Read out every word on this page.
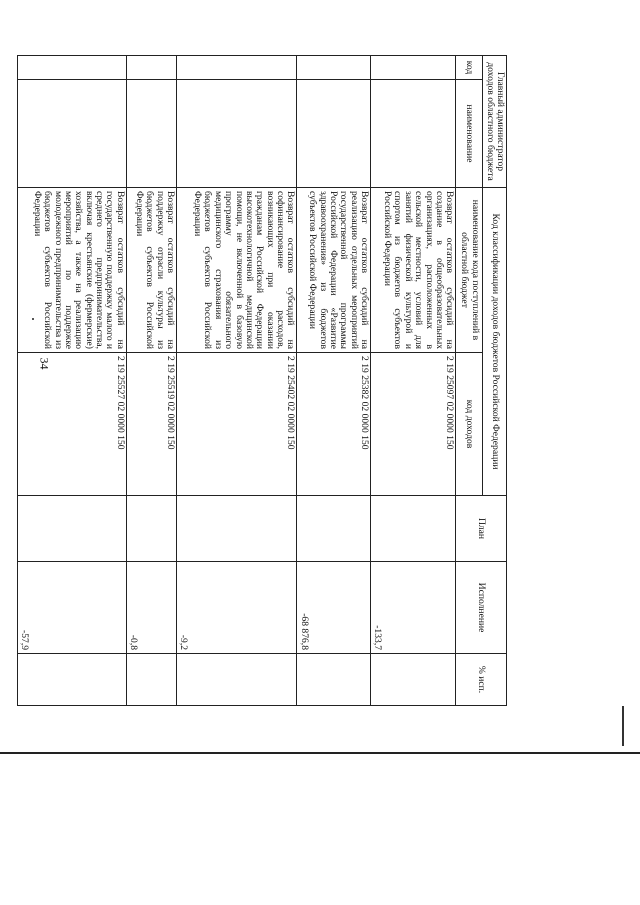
34
Главный администратор доходов областного бюджета		Код классификации доходов бюджетов Российской Федерации		План	Исполнение	% исп.
код	наименование	наименование кода поступлений в областной бюджет	код доходов			
		Возврат остатков субсидий на создание в общеобразовательных организациях, расположенных в сельской местности, условий для занятий физической культурой и спортом из бюджетов субъектов Российской Федерации	2 19 25097 02 0000 150		-133,7	
		Возврат остатков субсидий на реализацию отдельных мероприятий государственной программы Российской Федерации «Развитие здравоохранения» из бюджетов субъектов Российской Федерации	2 19 25382 02 0000 150		-68 876,8	
		Возврат остатков субсидий на софинансирование расходов, возникающих при оказании гражданам Российской Федерации высокотехнологичной медицинской помощи, не включенной в базовую программу обязательного медицинского страхования из бюджетов субъектов Российской Федерации	2 19 25402 02 0000 150		-9,2	
		Возврат остатков субсидий на поддержку отрасли культуры из бюджетов субъектов Российской Федерации	2 19 25519 02 0000 150		-0,8	
		Возврат остатков субсидий на государственную поддержку малого и среднего предпринимательства, включая крестьянские (фермерские) хозяйства, а также на реализацию мероприятий по поддержке молодежного предпринимательства из бюджетов субъектов Российской Федерации	2 19 25527 02 0000 150		-57,9	
